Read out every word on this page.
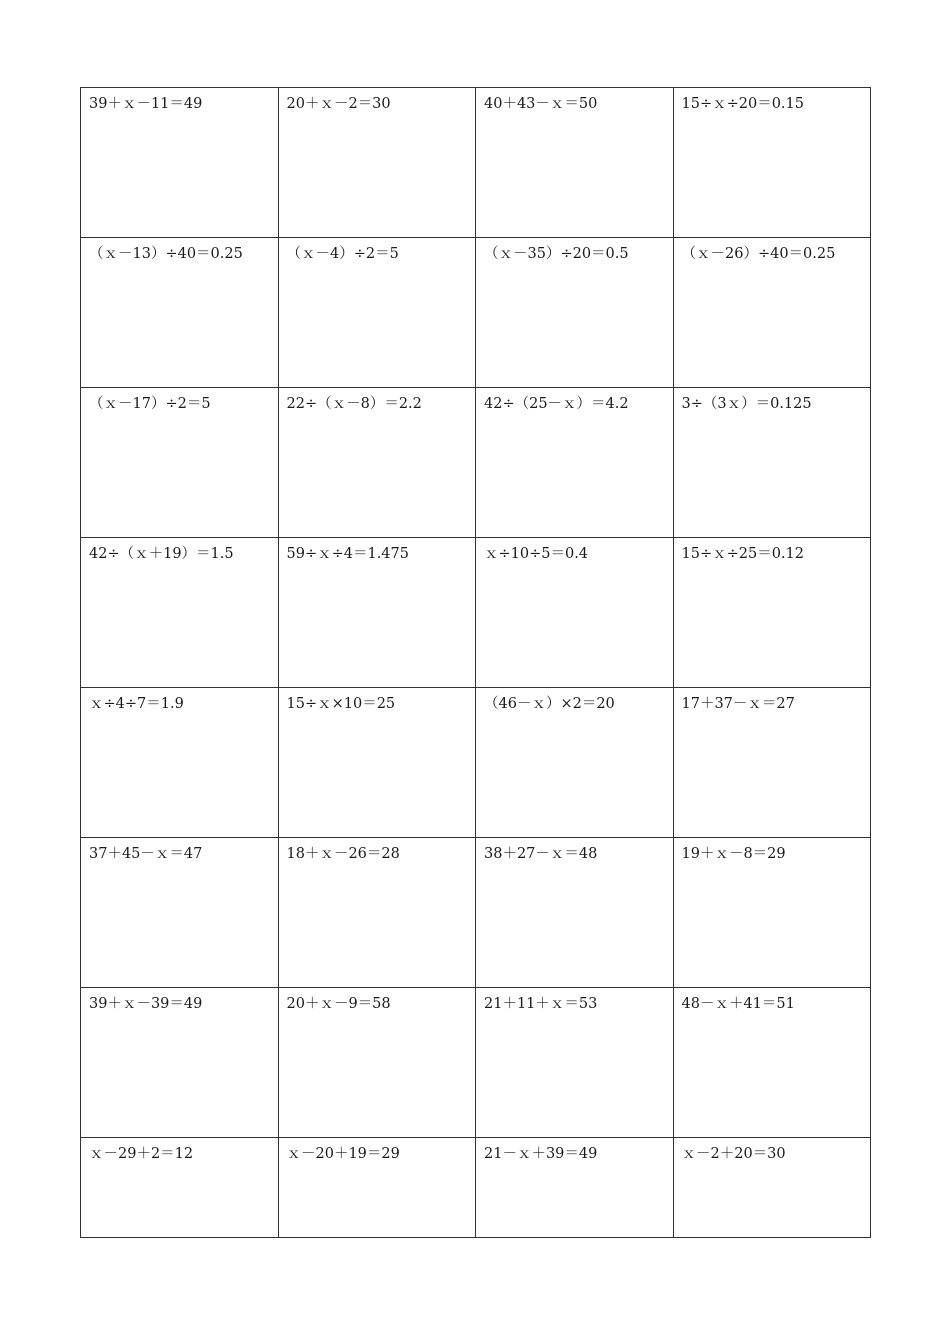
39＋ｘ－11＝49	20＋ｘ－2＝30	40＋43－ｘ＝50	15÷ｘ÷20＝0.15
（ｘ－13）÷40＝0.25	（ｘ－4）÷2＝5	（ｘ－35）÷20＝0.5	（ｘ－26）÷40＝0.25
（ｘ－17）÷2＝5	22÷（ｘ－8）＝2.2	42÷（25－ｘ）＝4.2	3÷（3ｘ）＝0.125
42÷（ｘ＋19）＝1.5	59÷ｘ÷4＝1.475	ｘ÷10÷5＝0.4	15÷ｘ÷25＝0.12
ｘ÷4÷7＝1.9	15÷ｘ×10＝25	（46－ｘ）×2＝20	17＋37－ｘ＝27
37＋45－ｘ＝47	18＋ｘ－26＝28	38＋27－ｘ＝48	19＋ｘ－8＝29
39＋ｘ－39＝49	20＋ｘ－9＝58	21＋11＋ｘ＝53	48－ｘ＋41＝51
ｘ－29＋2＝12	ｘ－20＋19＝29	21－ｘ＋39＝49	ｘ－2＋20＝30
